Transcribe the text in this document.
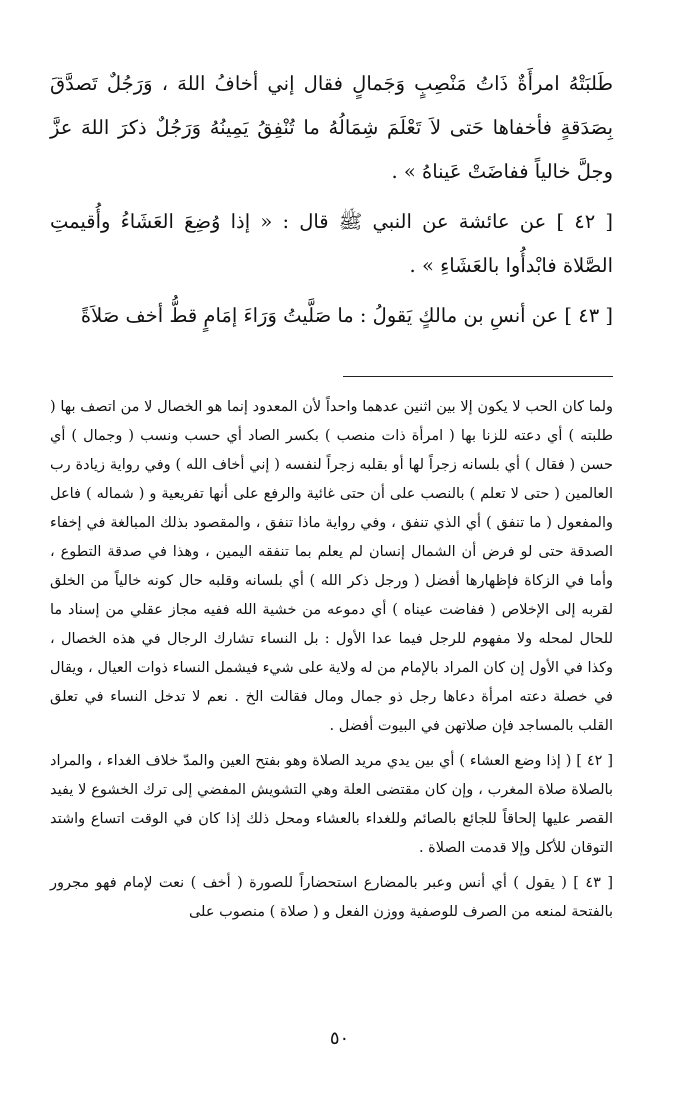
طَلبَتْهُ امرأَةٌ ذَاتُ مَنْصِبٍ وَجَمالٍ فقال إني أخافُ اللهَ ، وَرَجُلٌ تَصدَّقَ بِصَدَقةٍ فأخفاها حَتى لاَ تَعْلَمَ شِمَالُهُ ما تُنْفِقُ يَمِينُهُ وَرَجُلٌ ذكرَ اللهَ عزَّ وجلَّ خالياً ففاضَتْ عَيناهُ » .

[ ٤٢ ] عن عائشة عن النبي ﷺ قال : « إذا وُضِعَ العَشَاءُ وأُقيمتِ الصَّلاة فابْدأُوا بالعَشَاءِ » .

[ ٤٣ ] عن أنسِ بن مالكٍ يَقولُ : ما صَلَّيتُ وَرَاءَ إمَامٍ قطُّ أخف صَلاَةً

ولما كان الحب لا يكون إلا بين اثنين عدهما واحداً لأن المعدود إنما هو الخصال لا من اتصف بها ( طلبته ) أي دعته للزنا بها ( امرأة ذات منصب ) بكسر الصاد أي حسب ونسب ( وجمال ) أي حسن ( فقال ) أي بلسانه زجراً لها أو بقلبه زجراً لنفسه ( إني أخاف الله ) وفي رواية زيادة رب العالمين ( حتى لا تعلم ) بالنصب على أن حتى غائية والرفع على أنها تفريعية و ( شماله ) فاعل والمفعول ( ما تنفق ) أي الذي تنفق ، وفي رواية ماذا تنفق ، والمقصود بذلك المبالغة في إخفاء الصدقة حتى لو فرض أن الشمال إنسان لم يعلم بما تنفقه اليمين ، وهذا في صدقة التطوع ، وأما في الزكاة فإظهارها أفضل ( ورجل ذكر الله ) أي بلسانه وقلبه حال كونه خالياً من الخلق لقربه إلى الإخلاص ( ففاضت عيناه ) أي دموعه من خشية الله ففيه مجاز عقلي من إسناد ما للحال لمحله ولا مفهوم للرجل فيما عدا الأول : بل النساء تشارك الرجال في هذه الخصال ، وكذا في الأول إن كان المراد بالإمام من له ولاية على شيء فيشمل النساء ذوات العيال ، ويقال في خصلة دعته امرأة دعاها رجل ذو جمال ومال فقالت الخ . نعم لا تدخل النساء في تعلق القلب بالمساجد فإن صلاتهن في البيوت أفضل .

[ ٤٢ ] ( إذا وضع العشاء ) أي بين يدي مريد الصلاة وهو بفتح العين والمدّ خلاف الغداء ، والمراد بالصلاة صلاة المغرب ، وإن كان مقتضى العلة وهي التشويش المفضي إلى ترك الخشوع لا يفيد القصر عليها إلحاقاً للجائع بالصائم وللغداء بالعشاء ومحل ذلك إذا كان في الوقت اتساع واشتد التوقان للأكل وإلا قدمت الصلاة .

[ ٤٣ ] ( يقول ) أي أنس وعبر بالمضارع استحضاراً للصورة ( أخف ) نعت لإمام فهو مجرور بالفتحة لمنعه من الصرف للوصفية ووزن الفعل و ( صلاة ) منصوب على

٥٠
